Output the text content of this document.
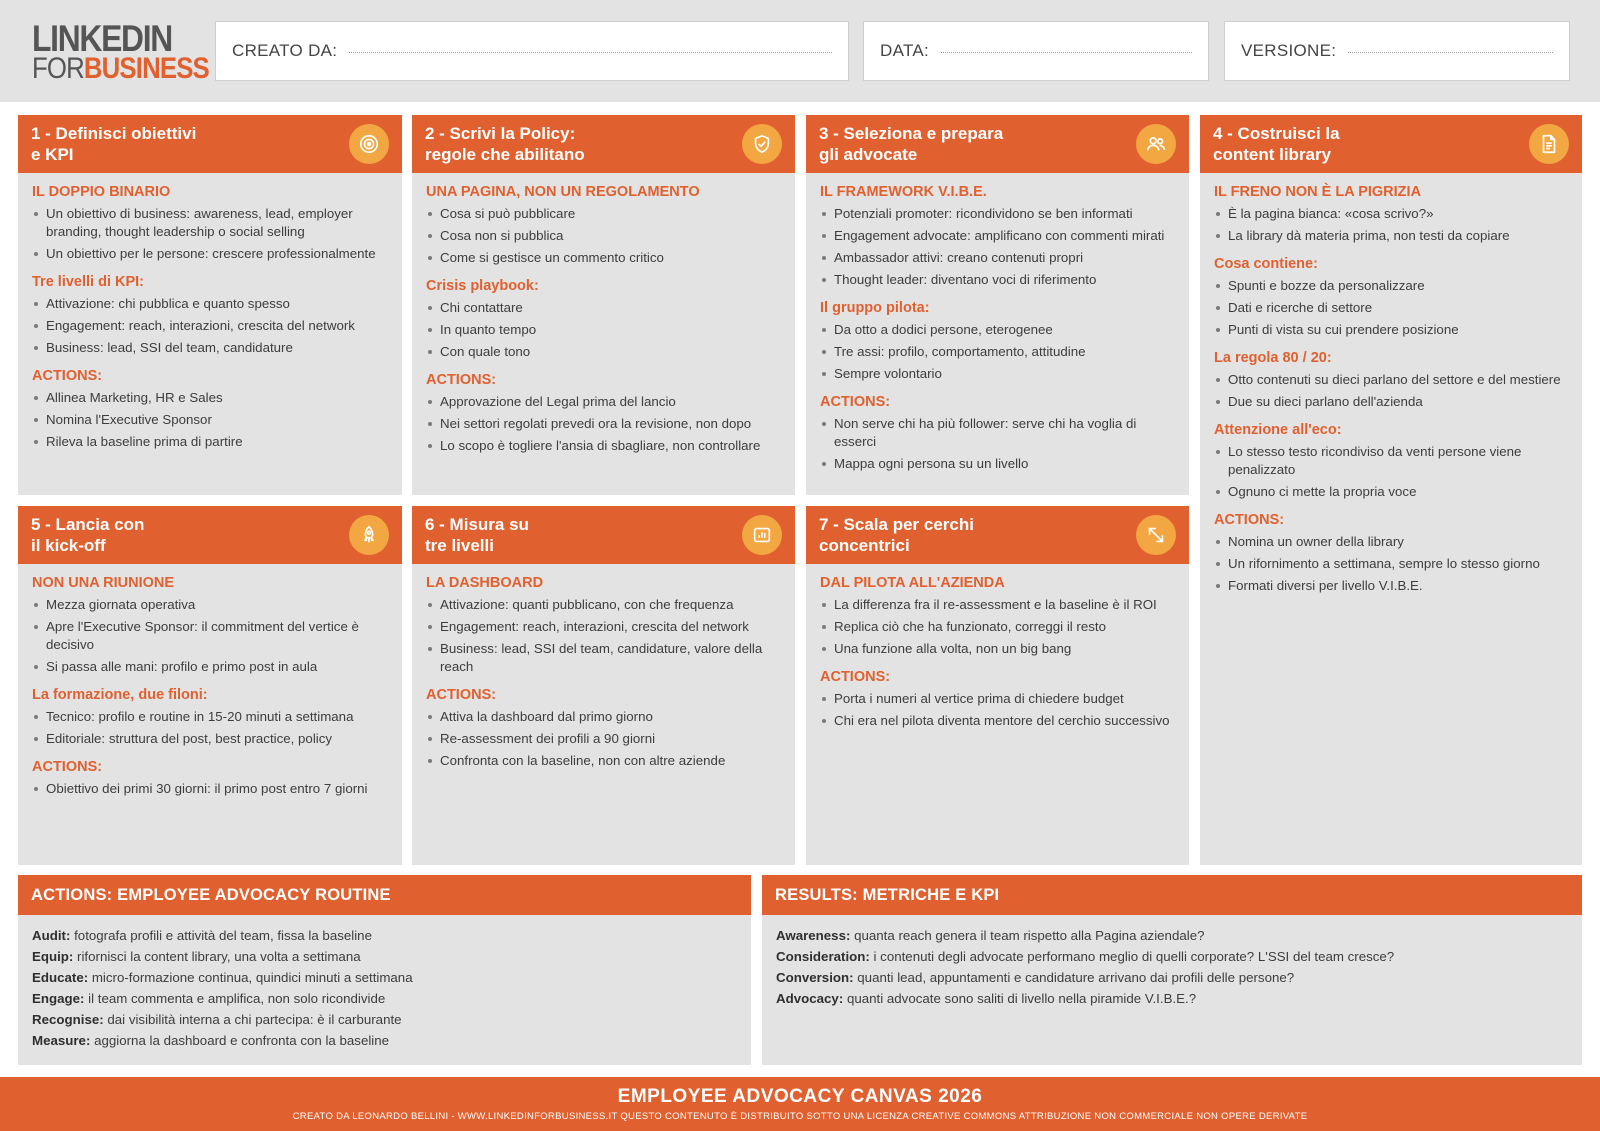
LINKEDIN
FORBUSINESS
CREATO DA:	DATA:	VERSIONE:
1 - Definisci obiettivi
e KPI
IL DOPPIO BINARIO
Un obiettivo di business: awareness, lead, employer branding, thought leadership o social selling
Un obiettivo per le persone: crescere professionalmente
Tre livelli di KPI:
Attivazione: chi pubblica e quanto spesso
Engagement: reach, interazioni, crescita del network
Business: lead, SSI del team, candidature
ACTIONS:
Allinea Marketing, HR e Sales
Nomina l'Executive Sponsor
Rileva la baseline prima di partire
2 - Scrivi la Policy:
regole che abilitano
UNA PAGINA, NON UN REGOLAMENTO
Cosa si può pubblicare
Cosa non si pubblica
Come si gestisce un commento critico
Crisis playbook:
Chi contattare
In quanto tempo
Con quale tono
ACTIONS:
Approvazione del Legal prima del lancio
Nei settori regolati prevedi ora la revisione, non dopo
Lo scopo è togliere l'ansia di sbagliare, non controllare
3 - Seleziona e prepara
gli advocate
IL FRAMEWORK V.I.B.E.
Potenziali promoter: ricondividono se ben informati
Engagement advocate: amplificano con commenti mirati
Ambassador attivi: creano contenuti propri
Thought leader: diventano voci di riferimento
Il gruppo pilota:
Da otto a dodici persone, eterogenee
Tre assi: profilo, comportamento, attitudine
Sempre volontario
ACTIONS:
Non serve chi ha più follower: serve chi ha voglia di esserci
Mappa ogni persona su un livello
4 - Costruisci la
content library
IL FRENO NON È LA PIGRIZIA
È la pagina bianca: «cosa scrivo?»
La library dà materia prima, non testi da copiare
Cosa contiene:
Spunti e bozze da personalizzare
Dati e ricerche di settore
Punti di vista su cui prendere posizione
La regola 80 / 20:
Otto contenuti su dieci parlano del settore e del mestiere
Due su dieci parlano dell'azienda
Attenzione all'eco:
Lo stesso testo ricondiviso da venti persone viene penalizzato
Ognuno ci mette la propria voce
ACTIONS:
Nomina un owner della library
Un rifornimento a settimana, sempre lo stesso giorno
Formati diversi per livello V.I.B.E.
5 - Lancia con
il kick-off
NON UNA RIUNIONE
Mezza giornata operativa
Apre l'Executive Sponsor: il commitment del vertice è decisivo
Si passa alle mani: profilo e primo post in aula
La formazione, due filoni:
Tecnico: profilo e routine in 15-20 minuti a settimana
Editoriale: struttura del post, best practice, policy
ACTIONS:
Obiettivo dei primi 30 giorni: il primo post entro 7 giorni
6 - Misura su
tre livelli
LA DASHBOARD
Attivazione: quanti pubblicano, con che frequenza
Engagement: reach, interazioni, crescita del network
Business: lead, SSI del team, candidature, valore della reach
ACTIONS:
Attiva la dashboard dal primo giorno
Re-assessment dei profili a 90 giorni
Confronta con la baseline, non con altre aziende
7 - Scala per cerchi
concentrici
DAL PILOTA ALL'AZIENDA
La differenza fra il re-assessment e la baseline è il ROI
Replica ciò che ha funzionato, correggi il resto
Una funzione alla volta, non un big bang
ACTIONS:
Porta i numeri al vertice prima di chiedere budget
Chi era nel pilota diventa mentore del cerchio successivo
ACTIONS: EMPLOYEE ADVOCACY ROUTINE
Audit: fotografa profili e attività del team, fissa la baseline
Equip: rifornisci la content library, una volta a settimana
Educate: micro-formazione continua, quindici minuti a settimana
Engage: il team commenta e amplifica, non solo ricondivide
Recognise: dai visibilità interna a chi partecipa: è il carburante
Measure: aggiorna la dashboard e confronta con la baseline
RESULTS: METRICHE E KPI
Awareness: quanta reach genera il team rispetto alla Pagina aziendale?
Consideration: i contenuti degli advocate performano meglio di quelli corporate? L'SSI del team cresce?
Conversion: quanti lead, appuntamenti e candidature arrivano dai profili delle persone?
Advocacy: quanti advocate sono saliti di livello nella piramide V.I.B.E.?
EMPLOYEE ADVOCACY CANVAS 2026
CREATO DA LEONARDO BELLINI - WWW.LINKEDINFORBUSINESS.IT QUESTO CONTENUTO È DISTRIBUITO SOTTO UNA LICENZA CREATIVE COMMONS ATTRIBUZIONE NON COMMERCIALE NON OPERE DERIVATE
